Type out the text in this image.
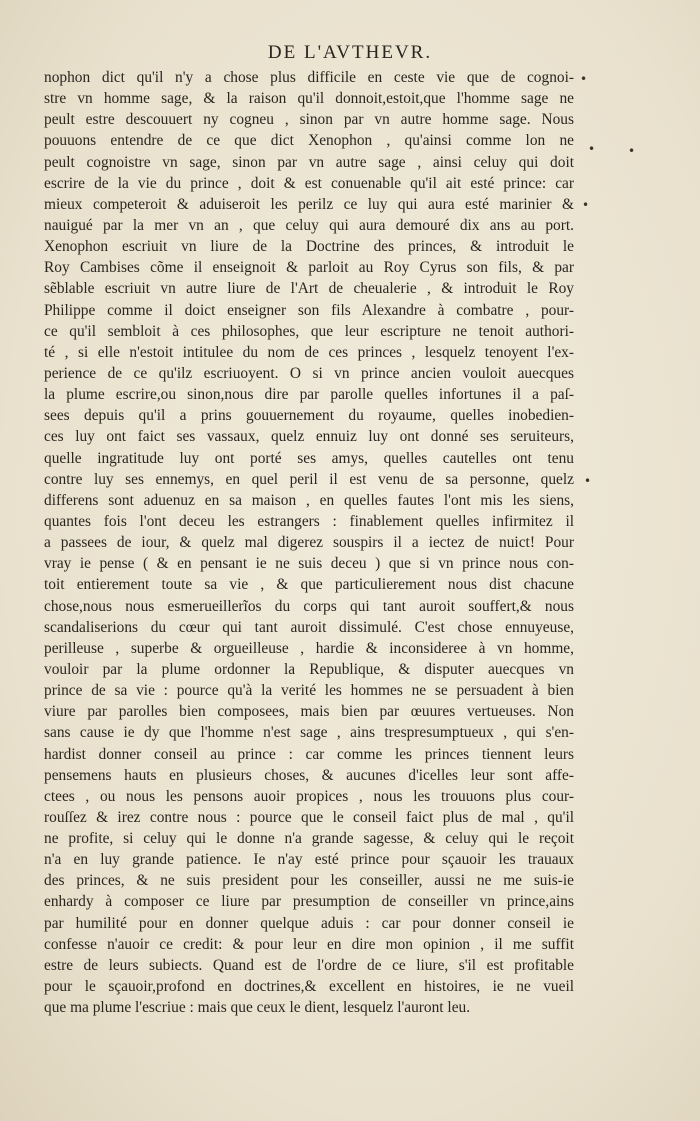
DE L'AVTHEVR.
nophon dict qu'il n'y a chose plus difficile en ceste vie que de cognoi-
stre vn homme sage, & la raison qu'il donnoit,estoit,que l'homme sage ne
peult estre descouuert ny cogneu , sinon par vn autre homme sage. Nous
pouuons entendre de ce que dict Xenophon , qu'ainsi comme lon ne
peult cognoistre vn sage, sinon par vn autre sage , ainsi celuy qui doit
escrire de la vie du prince , doit & est conuenable qu'il ait esté prince: car
mieux competeroit & aduiseroit les perilz ce luy qui aura esté marinier &
nauigué par la mer vn an , que celuy qui aura demouré dix ans au port.
Xenophon escriuit vn liure de la Doctrine des princes, & introduit le
Roy Cambises cõme il enseignoit & parloit au Roy Cyrus son fils, & par
sẽblable escriuit vn autre liure de l'Art de cheualerie , & introduit le Roy
Philippe comme il doict enseigner son fils Alexandre à combatre , pour-
ce qu'il sembloit à ces philosophes, que leur escripture ne tenoit authori-
té , si elle n'estoit intitulee du nom de ces princes , lesquelz tenoyent l'ex-
perience de ce qu'ilz escriuoyent. O si vn prince ancien vouloit auecques
la plume escrire,ou sinon,nous dire par parolle quelles infortunes il a paſ-
sees depuis qu'il a prins gouuernement du royaume, quelles inobedien-
ces luy ont faict ses vassaux, quelz ennuiz luy ont donné ses seruiteurs,
quelle ingratitude luy ont porté ses amys, quelles cautelles ont tenu
contre luy ses ennemys, en quel peril il est venu de sa personne, quelz
differens sont aduenuz en sa maison , en quelles fautes l'ont mis les siens,
quantes fois l'ont deceu les estrangers : finablement quelles infirmitez il
a passees de iour, & quelz mal digerez souspirs il a iectez de nuict! Pour
vray ie pense ( & en pensant ie ne suis deceu ) que si vn prince nous con-
toit entierement toute sa vie , & que particulierement nous dist chacune
chose,nous nous esmerueillerĩos du corps qui tant auroit souffert,& nous
scandaliserions du cœur qui tant auroit dissimulé. C'est chose ennuyeuse,
perilleuse , superbe & orgueilleuse , hardie & inconsideree à vn homme,
vouloir par la plume ordonner la Republique, & disputer auecques vn
prince de sa vie : pource qu'à la verité les hommes ne se persuadent à bien
viure par parolles bien composees, mais bien par œuures vertueuses. Non
sans cause ie dy que l'homme n'est sage , ains trespresumptueux , qui s'en-
hardist donner conseil au prince : car comme les princes tiennent leurs
pensemens hauts en plusieurs choses, & aucunes d'icelles leur sont affe-
ctees , ou nous les pensons auoir propices , nous les trouuons plus cour-
rouſſez & irez contre nous : pource que le conseil faict plus de mal , qu'il
ne profite, si celuy qui le donne n'a grande sagesse, & celuy qui le reçoit
n'a en luy grande patience. Ie n'ay esté prince pour sçauoir les trauaux
des princes, & ne suis president pour les conseiller, aussi ne me suis-ie
enhardy à composer ce liure par presumption de conseiller vn prince,ains
par humilité pour en donner quelque aduis : car pour donner conseil ie
confesse n'auoir ce credit: & pour leur en dire mon opinion , il me suffit
estre de leurs subiects. Quand est de l'ordre de ce liure, s'il est profitable
pour le sçauoir,profond en doctrines,& excellent en histoires, ie ne vueil
que ma plume l'escriue : mais que ceux le dient, lesquelz l'auront leu.
•
•	•
•
•
